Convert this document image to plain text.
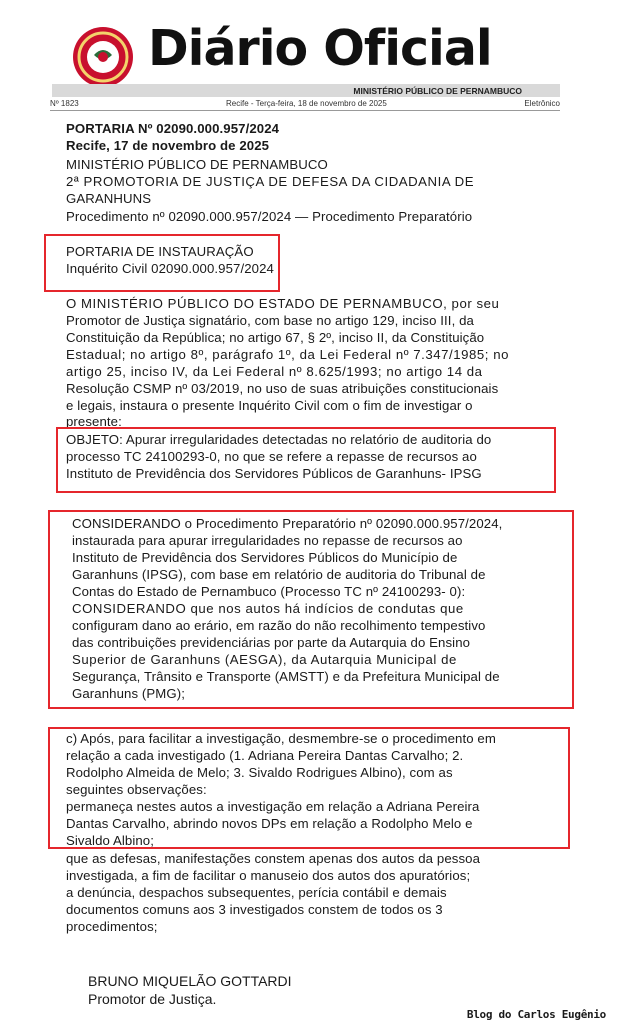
Diário Oficial
MINISTÉRIO PÚBLICO DE PERNAMBUCO
Nº 1823	Recife - Terça-feira, 18 de novembro de 2025	Eletrônico
PORTARIA Nº 02090.000.957/2024
Recife, 17 de novembro de 2025
MINISTÉRIO PÚBLICO DE PERNAMBUCO
2ª PROMOTORIA DE JUSTIÇA DE DEFESA DA CIDADANIA DE
GARANHUNS
Procedimento nº 02090.000.957/2024 — Procedimento Preparatório
PORTARIA DE INSTAURAÇÃO
Inquérito Civil 02090.000.957/2024
O MINISTÉRIO PÚBLICO DO ESTADO DE PERNAMBUCO, por seu
Promotor de Justiça signatário, com base no artigo 129, inciso III, da
Constituição da República; no artigo 67, § 2º, inciso II, da Constituição
Estadual; no artigo 8º, parágrafo 1º, da Lei Federal nº 7.347/1985; no
artigo 25, inciso IV, da Lei Federal nº 8.625/1993; no artigo 14 da
Resolução CSMP nº 03/2019, no uso de suas atribuições constitucionais
e legais, instaura o presente Inquérito Civil com o fim de investigar o
presente:
OBJETO: Apurar irregularidades detectadas no relatório de auditoria do
processo TC 24100293-0, no que se refere a repasse de recursos ao
Instituto de Previdência dos Servidores Públicos de Garanhuns- IPSG
CONSIDERANDO o Procedimento Preparatório nº 02090.000.957/2024,
instaurada para apurar irregularidades no repasse de recursos ao
Instituto de Previdência dos Servidores Públicos do Município de
Garanhuns (IPSG), com base em relatório de auditoria do Tribunal de
Contas do Estado de Pernambuco (Processo TC nº 24100293- 0):
CONSIDERANDO que nos autos há indícios de condutas que
configuram dano ao erário, em razão do não recolhimento tempestivo
das contribuições previdenciárias por parte da Autarquia do Ensino
Superior de Garanhuns (AESGA), da Autarquia Municipal de
Segurança, Trânsito e Transporte (AMSTT) e da Prefeitura Municipal de
Garanhuns (PMG);
c) Após, para facilitar a investigação, desmembre-se o procedimento em
relação a cada investigado (1. Adriana Pereira Dantas Carvalho; 2.
Rodolpho Almeida de Melo; 3. Sivaldo Rodrigues Albino), com as
seguintes observações:
permaneça nestes autos a investigação em relação a Adriana Pereira
Dantas Carvalho, abrindo novos DPs em relação a Rodolpho Melo e
Sivaldo Albino;
que as defesas, manifestações constem apenas dos autos da pessoa
investigada, a fim de facilitar o manuseio dos autos dos apuratórios;
a denúncia, despachos subsequentes, perícia contábil e demais
documentos comuns aos 3 investigados constem de todos os 3
procedimentos;
BRUNO MIQUELÃO GOTTARDI
Promotor de Justiça.
Blog do Carlos Eugênio
